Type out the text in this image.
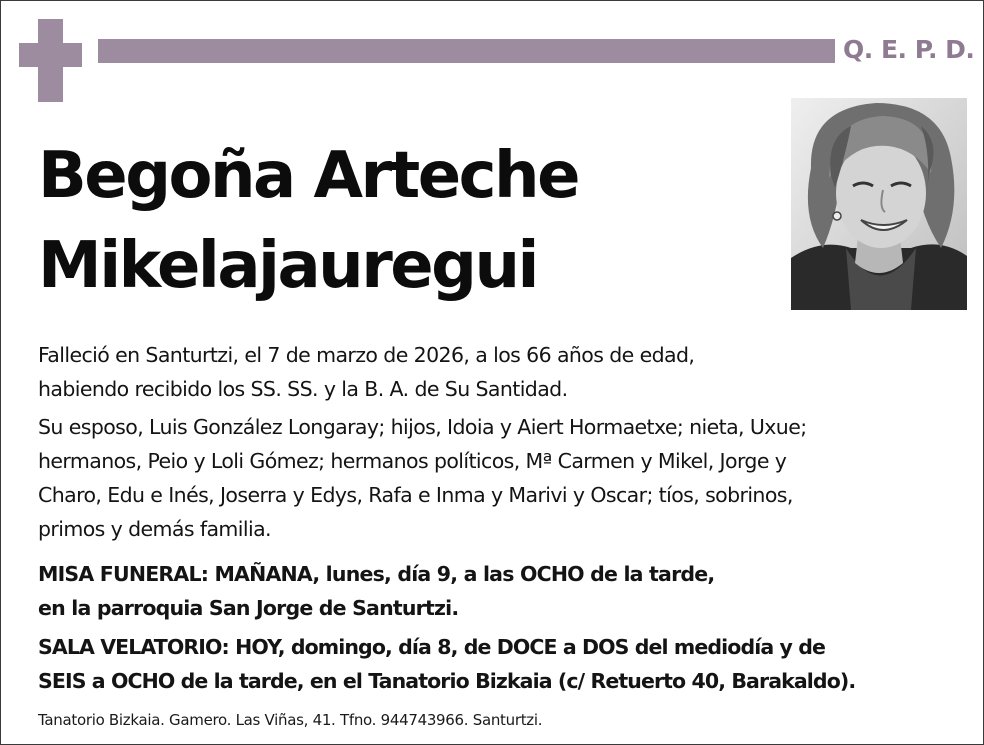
Q. E. P. D.
Begoña Arteche
Mikelajauregui

Falleció en Santurtzi, el 7 de marzo de 2026, a los 66 años de edad,
habiendo recibido los SS. SS. y la B. A. de Su Santidad.

Su esposo, Luis González Longaray; hijos, Idoia y Aiert Hormaetxe; nieta, Uxue;
hermanos, Peio y Loli Gómez; hermanos políticos, Mª Carmen y Mikel, Jorge y
Charo, Edu e Inés, Joserra y Edys, Rafa e Inma y Marivi y Oscar; tíos, sobrinos,
primos y demás familia.

MISA FUNERAL: MAÑANA, lunes, día 9, a las OCHO de la tarde,
en la parroquia San Jorge de Santurtzi.

SALA VELATORIO: HOY, domingo, día 8, de DOCE a DOS del mediodía y de
SEIS a OCHO de la tarde, en el Tanatorio Bizkaia (c/ Retuerto 40, Barakaldo).

Tanatorio Bizkaia. Gamero. Las Viñas, 41. Tfno. 944743966. Santurtzi.
